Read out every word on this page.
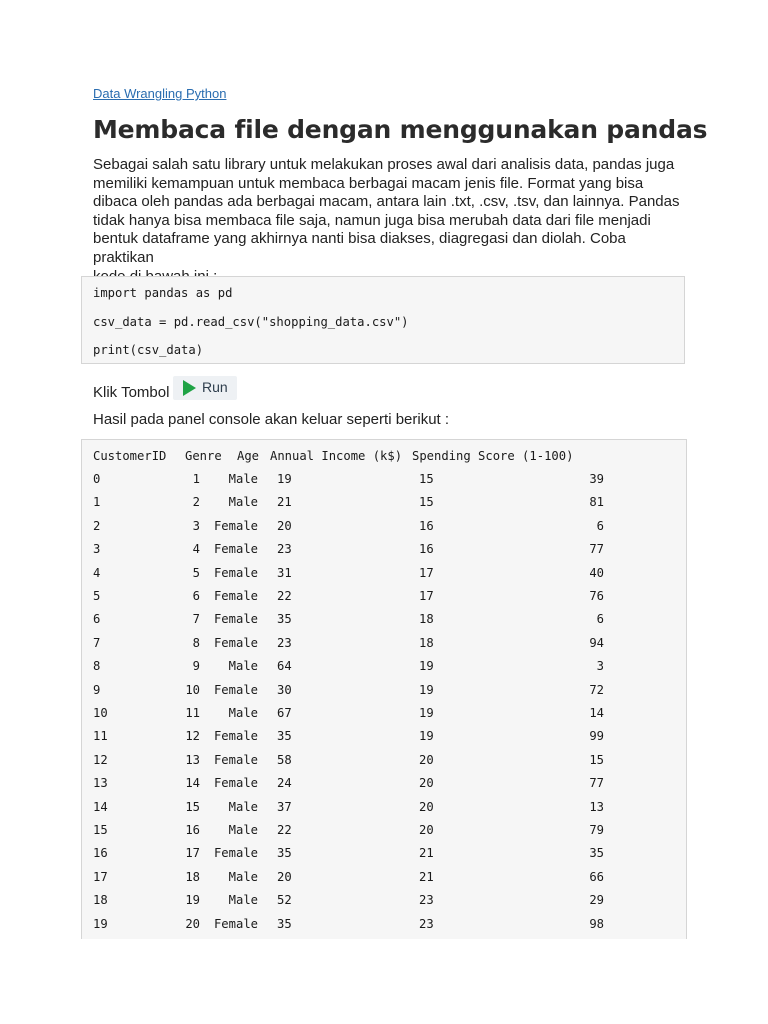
Data Wrangling Python
Membaca file dengan menggunakan pandas
Sebagai salah satu library untuk melakukan proses awal dari analisis data, pandas juga
memiliki kemampuan untuk membaca berbagai macam jenis file. Format yang bisa
dibaca oleh pandas ada berbagai macam, antara lain .txt, .csv, .tsv, dan lainnya. Pandas
tidak hanya bisa membaca file saja, namun juga bisa merubah data dari file menjadi
bentuk dataframe yang akhirnya nanti bisa diakses, diagregasi dan diolah. Coba praktikan
import pandas as pd
csv_data = pd.read_csv("shopping_data.csv")
print(csv_data)
Klik Tombol Run
Hasil pada panel console akan keluar seperti berikut :
CustomerID Genre Age Annual Income (k$) Spending Score (1-100)
0	1	Male 19	15	39
1	2	Male 21	15	81
2	3	Female 20	16	6
3	4	Female 23	16	77
4	5	Female 31	17	40
5	6	Female 22	17	76
6	7	Female 35	18	6
7	8	Female 23	18	94
8	9	Male 64	19	3
9	10	Female 30	19	72
10	11	Male 67	19	14
11	12	Female 35	19	99
12	13	Female 58	20	15
13	14	Female 24	20	77
14	15	Male 37	20	13
15	16	Male 22	20	79
16	17	Female 35	21	35
17	18	Male 20	21	66
18	19	Male 52	23	29
19	20	Female 35	23	98
